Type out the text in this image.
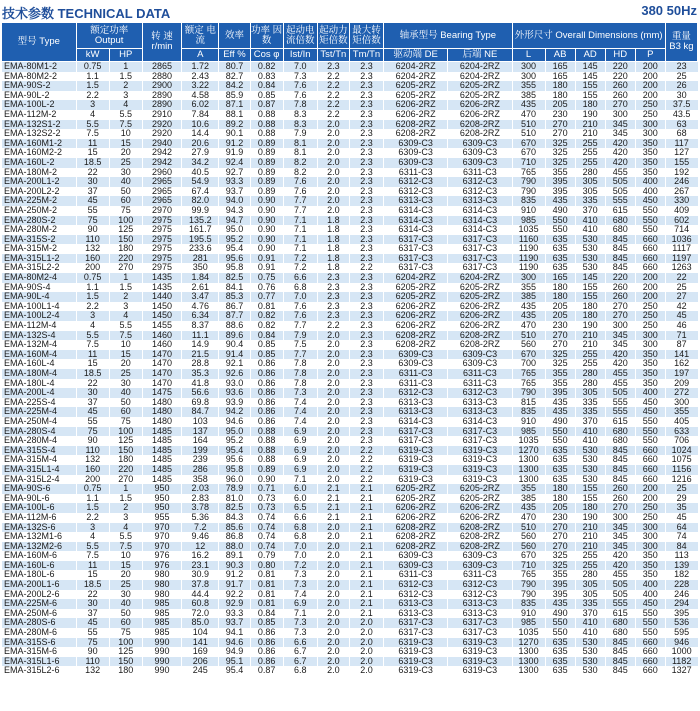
技术参数 TECHNICAL DATA	380 50Hz
型号 Type	额定功率 Output		转 速 r/min	额定 电流	效率	功率 因数	起动电 流倍数	起动力 矩倍数	最大转 矩倍数	轴承型号 Bearing Type		外形尺寸 Overall Dimensions (mm)					重量 B3 kg
	kW	HP		A	Eff %	Cos φ	Ist/In	Tst/Tn	Tm/Tn	驱动端 DE	后端 NE	L	AB	AD	HD	P	
EMA-80M1-2	0.75	1	2865	1.72	80.7	0.82	7.0	2.3	2.3	6204-2RZ	6204-2RZ	300	165	145	220	200	23
EMA-80M2-2	1.1	1.5	2880	2.43	82.7	0.83	7.3	2.2	2.3	6204-2RZ	6204-2RZ	300	165	145	220	200	25
EMA-90S-2	1.5	2	2900	3.22	84.2	0.84	7.6	2.2	2.3	6205-2RZ	6205-2RZ	355	180	155	260	200	26
EMA-90L-2	2.2	3	2890	4.58	85.9	0.85	7.6	2.2	2.3	6205-2RZ	6205-2RZ	385	180	155	260	200	30
EMA-100L-2	3	4	2890	6.02	87.1	0.87	7.8	2.2	2.3	6206-2RZ	6206-2RZ	435	205	180	270	250	37.5
EMA-112M-2	4	5.5	2910	7.84	88.1	0.88	8.3	2.2	2.3	6206-2RZ	6206-2RZ	470	230	190	300	250	43.5
EMA-132S1-2	5.5	7.5	2920	10.6	89.2	0.88	8.3	2.0	2.3	6208-2RZ	6208-2RZ	510	270	210	345	300	63
EMA-132S2-2	7.5	10	2920	14.4	90.1	0.88	7.9	2.0	2.3	6208-2RZ	6208-2RZ	510	270	210	345	300	68
EMA-160M1-2	11	15	2940	20.6	91.2	0.89	8.1	2.0	2.3	6309-C3	6309-C3	670	325	255	420	350	117
EMA-160M2-2	15	20	2942	27.9	91.9	0.89	8.1	2.0	2.3	6309-C3	6309-C3	670	325	255	420	350	127
EMA-160L-2	18.5	25	2942	34.2	92.4	0.89	8.2	2.0	2.3	6309-C3	6309-C3	710	325	255	420	350	155
EMA-180M-2	22	30	2960	40.5	92.7	0.89	8.2	2.0	2.3	6311-C3	6311-C3	765	355	280	455	350	192
EMA-200L1-2	30	40	2965	54.9	93.3	0.89	7.6	2.0	2.3	6312-C3	6312-C3	790	395	305	505	400	246
EMA-200L2-2	37	50	2965	67.4	93.7	0.89	7.6	2.0	2.3	6312-C3	6312-C3	790	395	305	505	400	267
EMA-225M-2	45	60	2965	82.0	94.0	0.90	7.7	2.0	2.3	6313-C3	6313-C3	835	435	335	555	450	330
EMA-250M-2	55	75	2970	99.9	94.3	0.90	7.7	2.0	2.3	6314-C3	6314-C3	910	490	370	615	550	409
EMA-280S-2	75	100	2975	135.2	94.7	0.90	7.1	1.8	2.3	6314-C3	6314-C3	985	550	410	680	550	602
EMA-280M-2	90	125	2975	161.7	95.0	0.90	7.1	1.8	2.3	6314-C3	6314-C3	1035	550	410	680	550	714
EMA-315S-2	110	150	2975	195.5	95.2	0.90	7.1	1.8	2.3	6317-C3	6317-C3	1160	635	530	845	660	1036
EMA-315M-2	132	180	2975	233.6	95.4	0.90	7.1	1.8	2.3	6317-C3	6317-C3	1190	635	530	845	660	1117
EMA-315L1-2	160	220	2975	281	95.6	0.91	7.2	1.8	2.3	6317-C3	6317-C3	1190	635	530	845	660	1197
EMA-315L2-2	200	270	2975	350	95.8	0.91	7.2	1.8	2.2	6317-C3	6317-C3	1190	635	530	845	660	1263
EMA-80M2-4	0.75	1	1435	1.84	82.5	0.75	6.6	2.3	2.3	6204-2RZ	6204-2RZ	300	165	145	220	200	22
EMA-90S-4	1.1	1.5	1435	2.61	84.1	0.76	6.8	2.3	2.3	6205-2RZ	6205-2RZ	355	180	155	260	200	25
EMA-90L-4	1.5	2	1440	3.47	85.3	0.77	7.0	2.3	2.3	6205-2RZ	6205-2RZ	385	180	155	260	200	27
EMA-100L1-4	2.2	3	1450	4.76	86.7	0.81	7.6	2.3	2.3	6206-2RZ	6206-2RZ	435	205	180	270	250	42
EMA-100L2-4	3	4	1450	6.34	87.7	0.82	7.6	2.3	2.3	6206-2RZ	6206-2RZ	435	205	180	270	250	45
EMA-112M-4	4	5.5	1455	8.37	88.6	0.82	7.7	2.2	2.3	6206-2RZ	6206-2RZ	470	230	190	300	250	46
EMA-132S-4	5.5	7.5	1460	11.1	89.6	0.84	7.9	2.0	2.3	6208-2RZ	6208-2RZ	510	270	210	345	300	71
EMA-132M-4	7.5	10	1460	14.9	90.4	0.85	7.5	2.0	2.3	6208-2RZ	6208-2RZ	560	270	210	345	300	87
EMA-160M-4	11	15	1470	21.5	91.4	0.85	7.7	2.0	2.3	6309-C3	6309-C3	670	325	255	420	350	141
EMA-160L-4	15	20	1470	28.8	92.1	0.86	7.8	2.0	2.3	6309-C3	6309-C3	700	325	255	420	350	162
EMA-180M-4	18.5	25	1470	35.3	92.6	0.86	7.8	2.0	2.3	6311-C3	6311-C3	765	355	280	455	350	197
EMA-180L-4	22	30	1470	41.8	93.0	0.86	7.8	2.0	2.3	6311-C3	6311-C3	765	355	280	455	350	209
EMA-200L-4	30	40	1475	56.6	93.6	0.86	7.3	2.0	2.3	6312-C3	6312-C3	790	395	305	505	400	272
EMA-225S-4	37	50	1480	69.8	93.9	0.86	7.4	2.0	2.3	6313-C3	6313-C3	815	435	335	555	450	300
EMA-225M-4	45	60	1480	84.7	94.2	0.86	7.4	2.0	2.3	6313-C3	6313-C3	835	435	335	555	450	355
EMA-250M-4	55	75	1480	103	94.6	0.86	7.4	2.0	2.3	6314-C3	6314-C3	910	490	370	615	550	405
EMA-280S-4	75	100	1485	137	95.0	0.88	6.9	2.0	2.3	6317-C3	6317-C3	985	550	410	680	550	633
EMA-280M-4	90	125	1485	164	95.2	0.88	6.9	2.0	2.3	6317-C3	6317-C3	1035	550	410	680	550	706
EMA-315S-4	110	150	1485	199	95.4	0.88	6.9	2.0	2.2	6319-C3	6319-C3	1270	635	530	845	660	1024
EMA-315M-4	132	180	1485	239	95.6	0.88	6.9	2.0	2.2	6319-C3	6319-C3	1300	635	530	845	660	1075
EMA-315L1-4	160	220	1485	286	95.8	0.89	6.9	2.0	2.2	6319-C3	6319-C3	1300	635	530	845	660	1156
EMA-315L2-4	200	270	1485	358	96.0	0.90	7.1	2.0	2.2	6319-C3	6319-C3	1300	635	530	845	660	1216
EMA-90S-6	0.75	1	950	2.03	78.9	0.71	6.0	2.1	2.1	6205-2RZ	6205-2RZ	355	180	155	260	200	25
EMA-90L-6	1.1	1.5	950	2.83	81.0	0.73	6.0	2.1	2.1	6205-2RZ	6205-2RZ	385	180	155	260	200	29
EMA-100L-6	1.5	2	950	3.78	82.5	0.73	6.5	2.1	2.1	6206-2RZ	6206-2RZ	435	205	180	270	250	35
EMA-112M-6	2.2	3	955	5.36	84.3	0.74	6.6	2.1	2.1	6206-2RZ	6206-2RZ	470	230	190	300	250	45
EMA-132S-6	3	4	970	7.2	85.6	0.74	6.8	2.0	2.1	6208-2RZ	6208-2RZ	510	270	210	345	300	64
EMA-132M1-6	4	5.5	970	9.46	86.8	0.74	6.8	2.0	2.1	6208-2RZ	6208-2RZ	560	270	210	345	300	74
EMA-132M2-6	5.5	7.5	970	12	88.0	0.74	7.0	2.0	2.1	6208-2RZ	6208-2RZ	560	270	210	345	300	84
EMA-160M-6	7.5	10	976	16.2	89.1	0.79	7.0	2.0	2.1	6309-C3	6309-C3	670	325	255	420	350	113
EMA-160L-6	11	15	976	23.1	90.3	0.80	7.2	2.0	2.1	6309-C3	6309-C3	710	325	255	420	350	139
EMA-180L-6	15	20	980	30.9	91.2	0.81	7.3	2.0	2.1	6311-C3	6311-C3	765	355	280	455	350	182
EMA-200L1-6	18.5	25	980	37.8	91.7	0.81	7.3	2.0	2.1	6312-C3	6312-C3	790	395	305	505	400	228
EMA-200L2-6	22	30	980	44.4	92.2	0.81	7.4	2.0	2.1	6312-C3	6312-C3	790	395	305	505	400	246
EMA-225M-6	30	40	985	60.8	92.9	0.81	6.9	2.0	2.1	6313-C3	6313-C3	835	435	335	555	450	294
EMA-250M-6	37	50	985	72.0	93.3	0.84	7.1	2.0	2.1	6313-C3	6313-C3	910	490	370	615	550	395
EMA-280S-6	45	60	985	85.0	93.7	0.85	7.3	2.0	2.0	6317-C3	6317-C3	985	550	410	680	550	536
EMA-280M-6	55	75	985	104	94.1	0.86	7.3	2.0	2.0	6317-C3	6317-C3	1035	550	410	680	550	595
EMA-315S-6	75	100	990	141	94.6	0.86	6.6	2.0	2.0	6319-C3	6319-C3	1270	635	530	845	660	946
EMA-315M-6	90	125	990	169	94.9	0.86	6.7	2.0	2.0	6319-C3	6319-C3	1300	635	530	845	660	1000
EMA-315L1-6	110	150	990	206	95.1	0.86	6.7	2.0	2.0	6319-C3	6319-C3	1300	635	530	845	660	1182
EMA-315L2-6	132	180	990	245	95.4	0.87	6.8	2.0	2.0	6319-C3	6319-C3	1300	635	530	845	660	1327
